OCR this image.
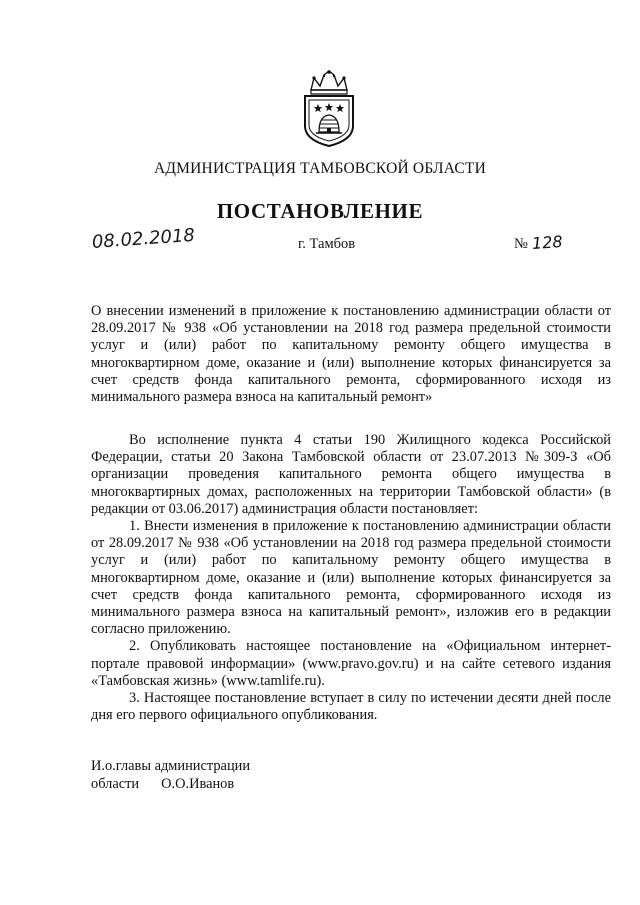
АДМИНИСТРАЦИЯ ТАМБОВСКОЙ ОБЛАСТИ
ПОСТАНОВЛЕНИЕ
08.02.2018	г. Тамбов	№ 128
О внесении изменений в приложение к постановлению администрации области от 28.09.2017 № 938 «Об установлении на 2018 год размера предельной стоимости услуг и (или) работ по капитальному ремонту общего имущества в многоквартирном доме, оказание и (или) выполнение которых финансируется за счет средств фонда капитального ремонта, сформированного исходя из минимального размера взноса на капитальный ремонт»

Во исполнение пункта 4 статьи 190 Жилищного кодекса Российской Федерации, статьи 20 Закона Тамбовской области от 23.07.2013 №309-З «Об организации проведения капитального ремонта общего имущества в многоквартирных домах, расположенных на территории Тамбовской области» (в редакции от 03.06.2017) администрация области постановляет:

1. Внести изменения в приложение к постановлению администрации области от 28.09.2017 № 938 «Об установлении на 2018 год размера предельной стоимости услуг и (или) работ по капитальному ремонту общего имущества в многоквартирном доме, оказание и (или) выполнение которых финансируется за счет средств фонда капитального ремонта, сформированного исходя из минимального размера взноса на капитальный ремонт», изложив его в редакции согласно приложению.

2. Опубликовать настоящее постановление на «Официальном интернет-портале правовой информации» (www.pravo.gov.ru) и на сайте сетевого издания «Тамбовская жизнь» (www.tamlife.ru).

3. Настоящее постановление вступает в силу по истечении десяти дней после дня его первого официального опубликования.

И.о.главы администрации
области О.О.Иванов
